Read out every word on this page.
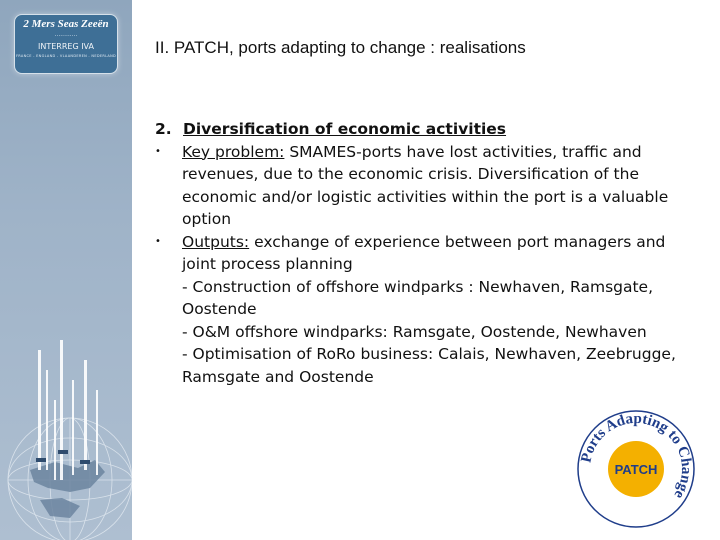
2 Mers Seas Zeeën
............
INTERREG IVA
FRANCE - ENGLAND - VLAANDEREN - NEDERLAND II. PATCH, ports adapting to change : realisations
2. Diversification of economic activities
• Key problem: SMAMES-ports have lost activities, traffic and revenues, due to the economic crisis. Diversification of the economic and/or logistic activities within the port is a valuable option
• Outputs: exchange of experience between port managers and joint process planning
- Construction of offshore windparks : Newhaven, Ramsgate, Oostende
- O&M offshore windparks: Ramsgate, Oostende, Newhaven
- Optimisation of RoRo business: Calais, Newhaven, Zeebrugge, Ramsgate and Oostende
Ports Adapting to Change
PATCH
